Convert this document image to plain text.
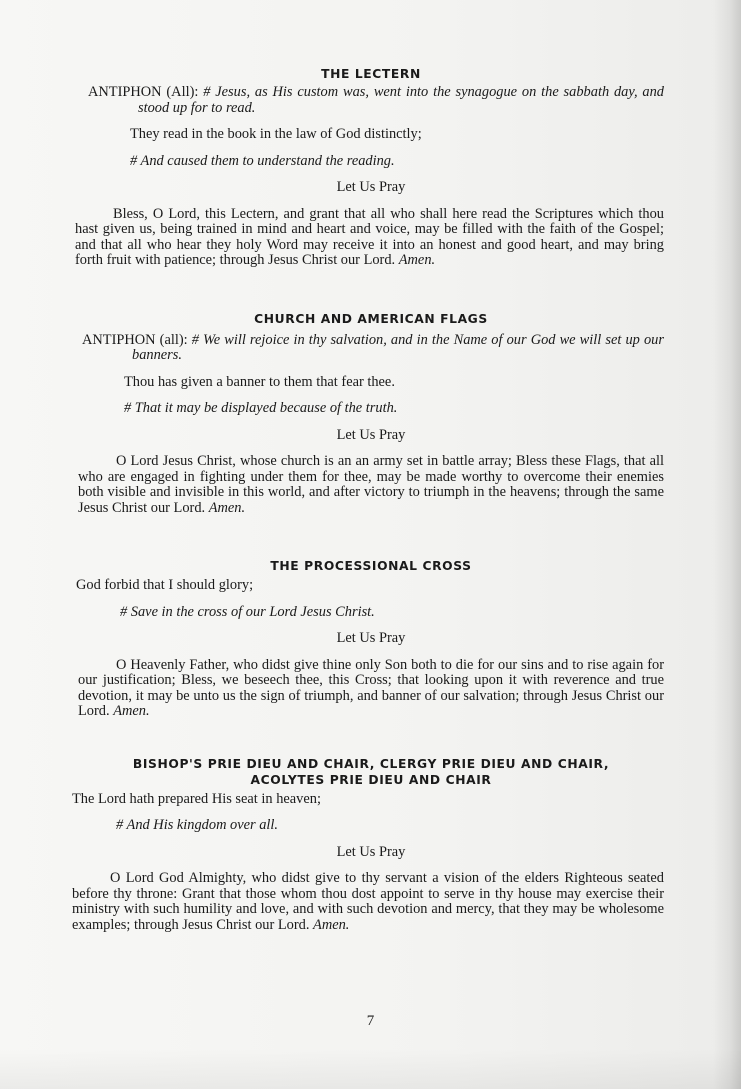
THE LECTERN

ANTIPHON (All): # Jesus, as His custom was, went into the synagogue on the sabbath day, and stood up for to read.

They read in the book in the law of God distinctly;

# And caused them to understand the reading.

Let Us Pray

Bless, O Lord, this Lectern, and grant that all who shall here read the Scriptures which thou hast given us, being trained in mind and heart and voice, may be filled with the faith of the Gospel; and that all who hear they holy Word may receive it into an honest and good heart, and may bring forth fruit with patience; through Jesus Christ our Lord. Amen.

CHURCH AND AMERICAN FLAGS

ANTIPHON (all): # We will rejoice in thy salvation, and in the Name of our God we will set up our banners.

Thou has given a banner to them that fear thee.

# That it may be displayed because of the truth.

Let Us Pray

O Lord Jesus Christ, whose church is an an army set in battle array; Bless these Flags, that all who are engaged in fighting under them for thee, may be made worthy to overcome their enemies both visible and invisible in this world, and after victory to triumph in the heavens; through the same Jesus Christ our Lord. Amen.

THE PROCESSIONAL CROSS

God forbid that I should glory;

# Save in the cross of our Lord Jesus Christ.

Let Us Pray

O Heavenly Father, who didst give thine only Son both to die for our sins and to rise again for our justification; Bless, we beseech thee, this Cross; that looking upon it with reverence and true devotion, it may be unto us the sign of triumph, and banner of our salvation; through Jesus Christ our Lord. Amen.

BISHOP'S PRIE DIEU AND CHAIR, CLERGY PRIE DIEU AND CHAIR,
ACOLYTES PRIE DIEU AND CHAIR

The Lord hath prepared His seat in heaven;

# And His kingdom over all.

Let Us Pray

O Lord God Almighty, who didst give to thy servant a vision of the elders Righteous seated before thy throne: Grant that those whom thou dost appoint to serve in thy house may exercise their ministry with such humility and love, and with such devotion and mercy, that they may be wholesome examples; through Jesus Christ our Lord. Amen.

7
